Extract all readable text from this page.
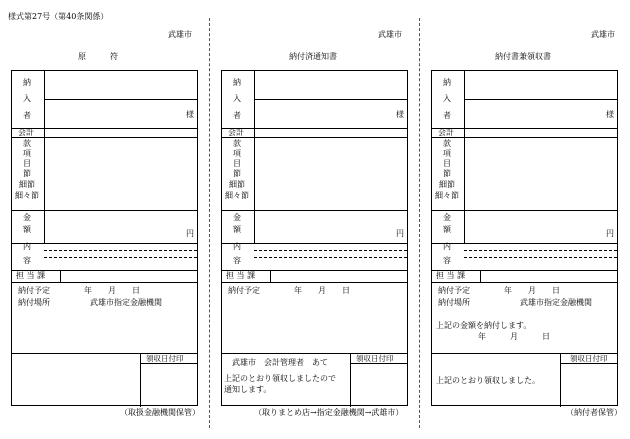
様式第27号（第40条関係）
武雄市
原　　　符
納
入
者	様
会計
款
項
目
節
細節
細々節
金
額	円
内
容
担 当 課
納付予定	年　　月　　日
納付場所	武雄市指定金融機関
領収日付印
（取扱金融機関保管）
武雄市
納付済通知書
納
入
者	様
会計
款
項
目
節
細節
細々節
金
額	円
内
容
担 当 課
納付予定	年　　月　　日
武雄市　会計管理者　あて
上記のとおり領収しましたので
通知します。
領収日付印
（取りまとめ店→指定金融機関→武雄市）
武雄市
納付書兼領収書
納
入
者	様
会計
款
項
目
節
細節
細々節
金
額	円
内
容
担 当 課
納付予定	年　　月　　日
納付場所	武雄市指定金融機関
上記の金額を納付します。
年　　　月　　　日
上記のとおり領収しました。
領収日付印
（納付者保管）
